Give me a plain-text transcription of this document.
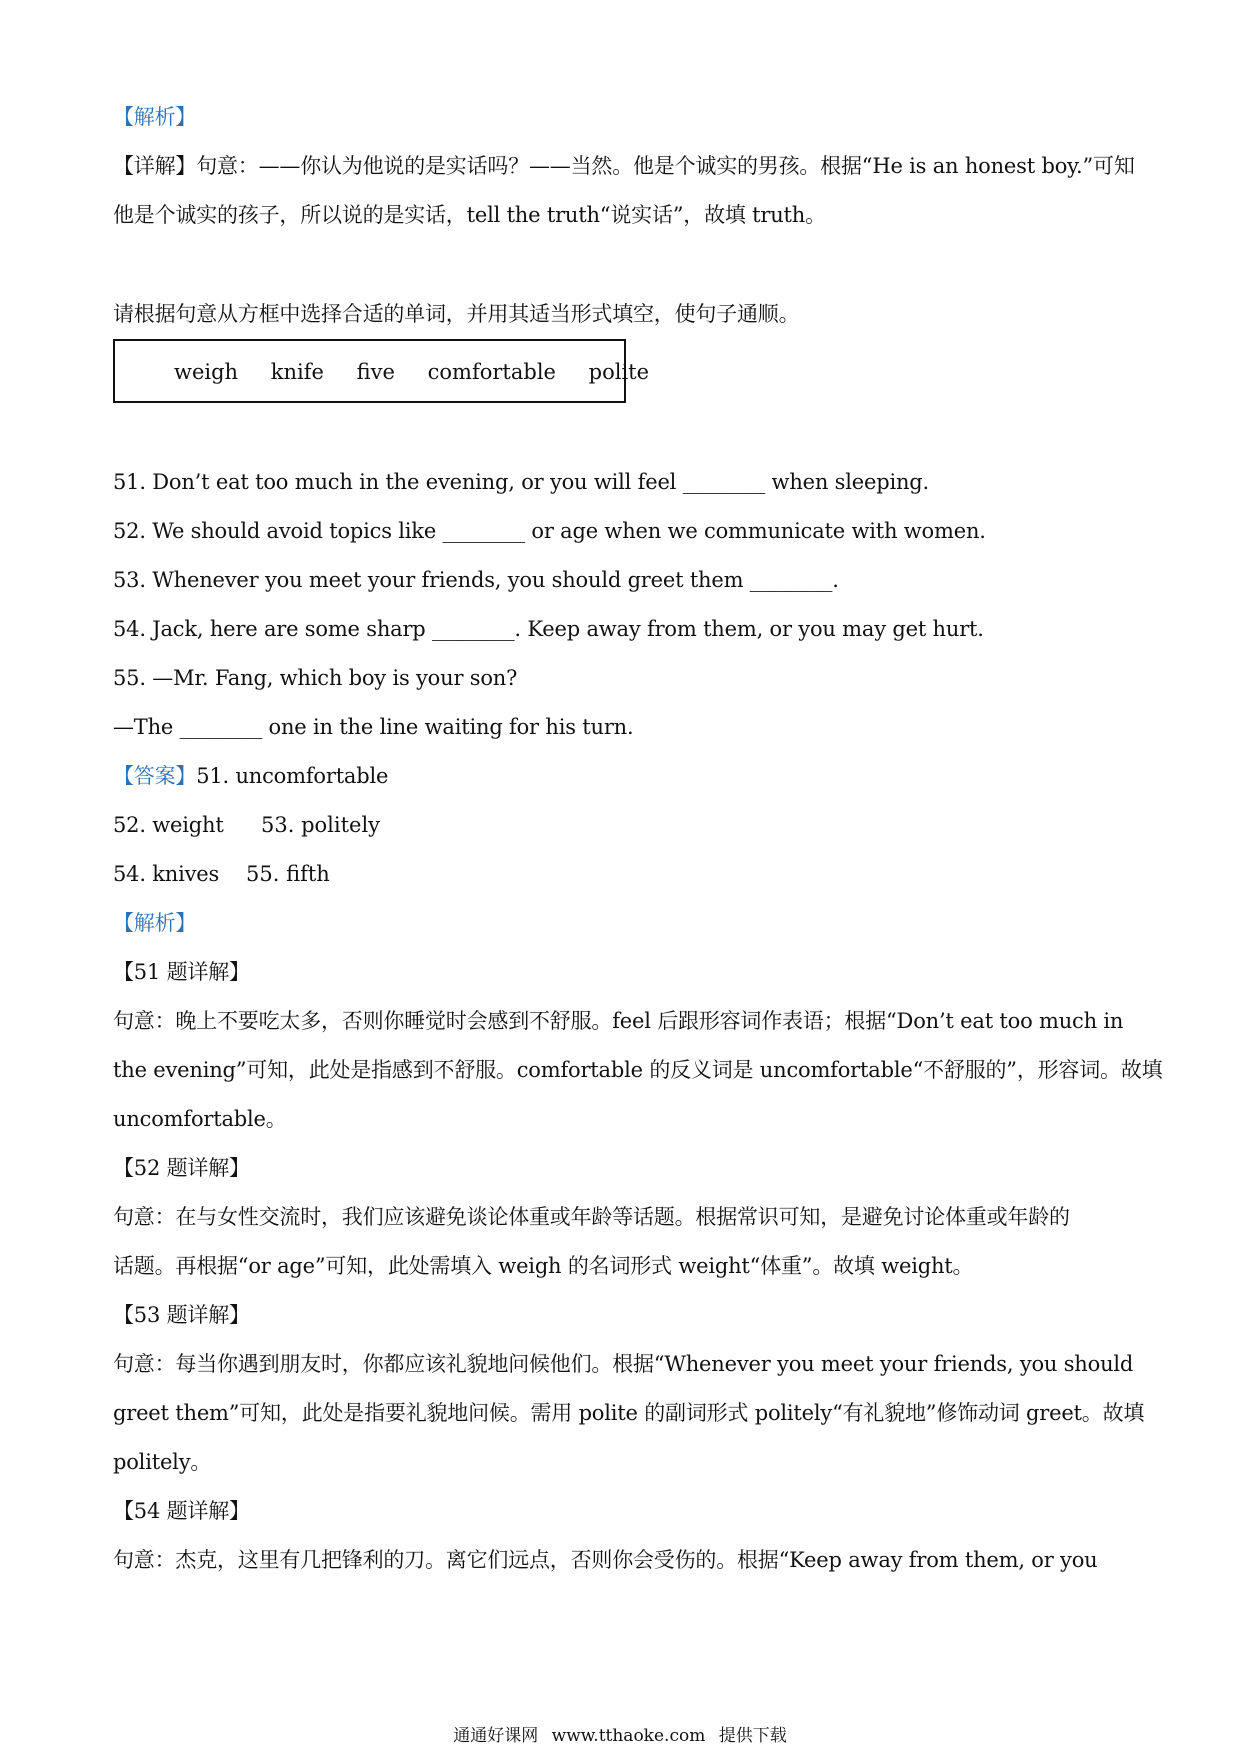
【解析】
【详解】句意：——你认为他说的是实话吗？——当然。他是个诚实的男孩。根据“He is an honest boy.”可知
他是个诚实的孩子，所以说的是实话，tell the truth“说实话”，故填 truth。
请根据句意从方框中选择合适的单词，并用其适当形式填空，使句子通顺。
weigh knife five comfortable polite
51. Don’t eat too much in the evening, or you will feel ________ when sleeping.
52. We should avoid topics like ________ or age when we communicate with women.
53. Whenever you meet your friends, you should greet them ________.
54. Jack, here are some sharp ________. Keep away from them, or you may get hurt.
55. —Mr. Fang, which boy is your son?
—The ________ one in the line waiting for his turn.
【答案】51. uncomfortable
52. weight 53. politely
54. knives 55. fifth
【解析】
【51 题详解】
句意：晚上不要吃太多，否则你睡觉时会感到不舒服。feel 后跟形容词作表语；根据“Don’t eat too much in
the evening”可知，此处是指感到不舒服。comfortable 的反义词是 uncomfortable“不舒服的”，形容词。故填
uncomfortable。
【52 题详解】
句意：在与女性交流时，我们应该避免谈论体重或年龄等话题。根据常识可知，是避免讨论体重或年龄的
话题。再根据“or age”可知，此处需填入 weigh 的名词形式 weight“体重”。故填 weight。
【53 题详解】
句意：每当你遇到朋友时，你都应该礼貌地问候他们。根据“Whenever you meet your friends, you should
greet them”可知，此处是指要礼貌地问候。需用 polite 的副词形式 politely“有礼貌地”修饰动词 greet。故填
politely。
【54 题详解】
句意：杰克，这里有几把锋利的刀。离它们远点，否则你会受伤的。根据“Keep away from them, or you
通通好课网 www.tthaoke.com 提供下载
